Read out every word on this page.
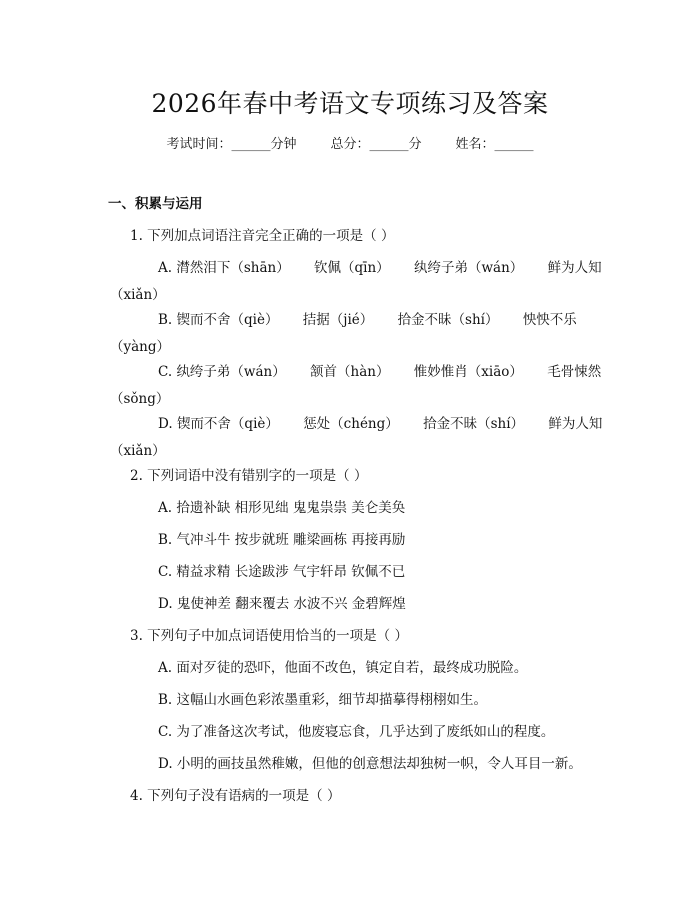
2026年春中考语文专项练习及答案
考试时间：______分钟	总分：______分	姓名：______
一、积累与运用
1. 下列加点词语注音完全正确的一项是（ ）
A. 潸然泪下（shān） 钦佩（qīn） 纨绔子弟（wán） 鲜为人知
（xiǎn）
B. 锲而不舍（qiè） 拮据（jié） 拾金不昧（shí） 怏怏不乐
（yàng）
C. 纨绔子弟（wán） 颔首（hàn） 惟妙惟肖（xiāo） 毛骨悚然
（sǒng）
D. 锲而不舍（qiè） 惩处（chéng） 拾金不昧（shí） 鲜为人知
（xiǎn）
2. 下列词语中没有错别字的一项是（ ）
A. 拾遗补缺 相形见绌 鬼鬼祟祟 美仑美奂
B. 气冲斗牛 按步就班 雕梁画栋 再接再励
C. 精益求精 长途跋涉 气宇轩昂 钦佩不已
D. 鬼使神差 翻来覆去 水波不兴 金碧辉煌
3. 下列句子中加点词语使用恰当的一项是（ ）
A. 面对歹徒的恐吓，他面不改色，镇定自若，最终成功脱险。
B. 这幅山水画色彩浓墨重彩，细节却描摹得栩栩如生。
C. 为了准备这次考试，他废寝忘食，几乎达到了废纸如山的程度。
D. 小明的画技虽然稚嫩，但他的创意想法却独树一帜，令人耳目一新。
4. 下列句子没有语病的一项是（ ）
